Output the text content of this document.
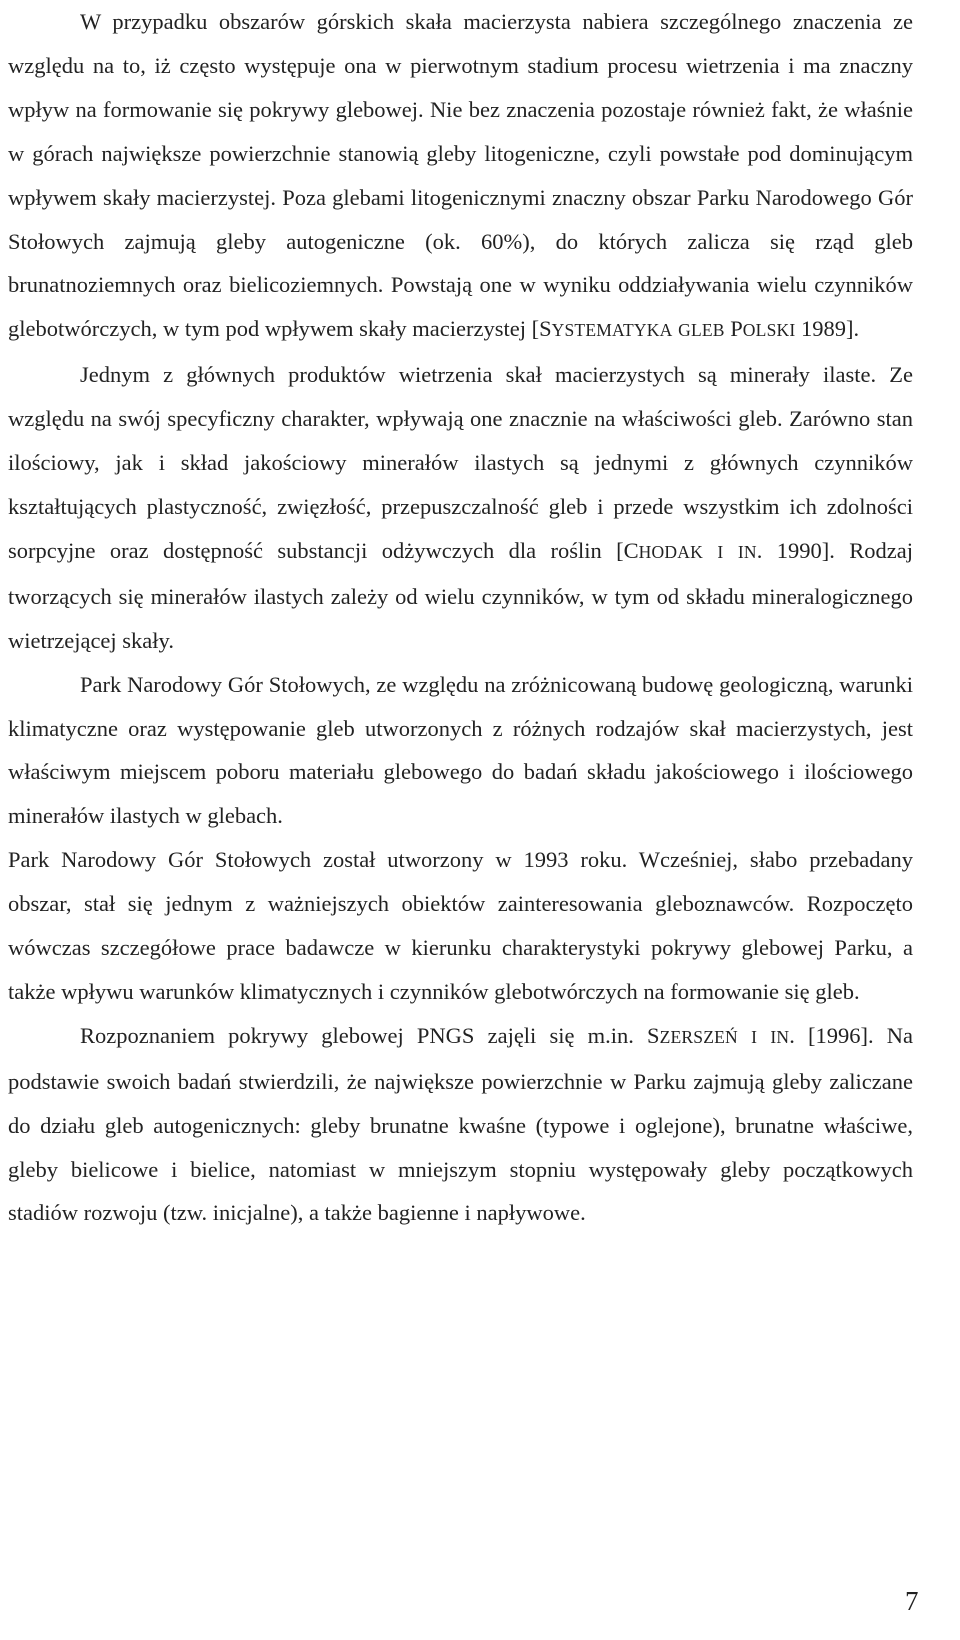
W przypadku obszarów górskich skała macierzysta nabiera szczególnego znaczenia ze względu na to, iż często występuje ona w pierwotnym stadium procesu wietrzenia i ma znaczny wpływ na formowanie się pokrywy glebowej. Nie bez znaczenia pozostaje również fakt, że właśnie w górach największe powierzchnie stanowią gleby litogeniczne, czyli powstałe pod dominującym wpływem skały macierzystej. Poza glebami litogenicznymi znaczny obszar Parku Narodowego Gór Stołowych zajmują gleby autogeniczne (ok. 60%), do których zalicza się rząd gleb brunatnoziemnych oraz bielicoziemnych. Powstają one w wyniku oddziaływania wielu czynników glebotwórczych, w tym pod wpływem skały macierzystej [SYSTEMATYKA GLEB POLSKI 1989].

Jednym z głównych produktów wietrzenia skał macierzystych są minerały ilaste. Ze względu na swój specyficzny charakter, wpływają one znacznie na właściwości gleb. Zarówno stan ilościowy, jak i skład jakościowy minerałów ilastych są jednymi z głównych czynników kształtujących plastyczność, zwięzłość, przepuszczalność gleb i przede wszystkim ich zdolności sorpcyjne oraz dostępność substancji odżywczych dla roślin [CHODAK I IN. 1990]. Rodzaj tworzących się minerałów ilastych zależy od wielu czynników, w tym od składu mineralogicznego wietrzejącej skały.

Park Narodowy Gór Stołowych, ze względu na zróżnicowaną budowę geologiczną, warunki klimatyczne oraz występowanie gleb utworzonych z różnych rodzajów skał macierzystych, jest właściwym miejscem poboru materiału glebowego do badań składu jakościowego i ilościowego minerałów ilastych w glebach.

Park Narodowy Gór Stołowych został utworzony w 1993 roku. Wcześniej, słabo przebadany obszar, stał się jednym z ważniejszych obiektów zainteresowania gleboznawców. Rozpoczęto wówczas szczegółowe prace badawcze w kierunku charakterystyki pokrywy glebowej Parku, a także wpływu warunków klimatycznych i czynników glebotwórczych na formowanie się gleb.

Rozpoznaniem pokrywy glebowej PNGS zajęli się m.in. SZERSZEŃ I IN. [1996]. Na podstawie swoich badań stwierdzili, że największe powierzchnie w Parku zajmują gleby zaliczane do działu gleb autogenicznych: gleby brunatne kwaśne (typowe i oglejone), brunatne właściwe, gleby bielicowe i bielice, natomiast w mniejszym stopniu występowały gleby początkowych stadiów rozwoju (tzw. inicjalne), a także bagienne i napływowe.

7
